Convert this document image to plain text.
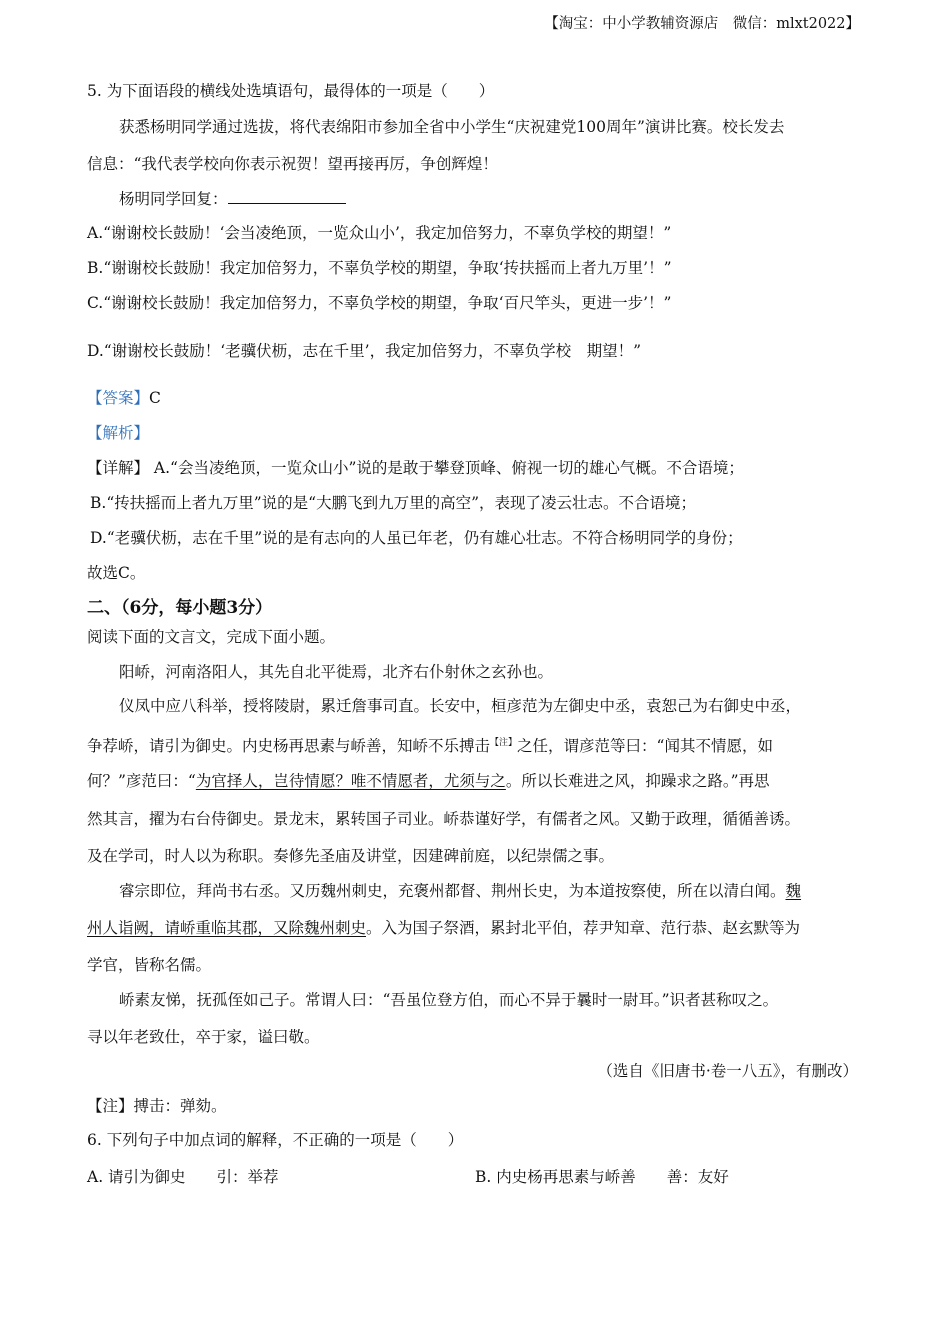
【淘宝：中小学教辅资源店　微信：mlxt2022】
5. 为下面语段的横线处选填语句，最得体的一项是（　　）
获悉杨明同学通过选拔，将代表绵阳市参加全省中小学生“庆祝建党100周年”演讲比赛。校长发去
信息：“我代表学校向你表示祝贺！望再接再厉，争创辉煌！
杨明同学回复：
A.“谢谢校长鼓励！‘会当凌绝顶，一览众山小’，我定加倍努力，不辜负学校的期望！”
B.“谢谢校长鼓励！我定加倍努力，不辜负学校的期望，争取‘抟扶摇而上者九万里’！”
C.“谢谢校长鼓励！我定加倍努力，不辜负学校的期望，争取‘百尺竿头，更进一步’！”
D.“谢谢校长鼓励！‘老骥伏枥，志在千里’，我定加倍努力，不辜负学校　期望！”
【答案】C
【解析】
【详解】 A.“会当凌绝顶，一览众山小”说的是敢于攀登顶峰、俯视一切的雄心气概。不合语境；
B.“抟扶摇而上者九万里”说的是“大鹏飞到九万里的高空”，表现了凌云壮志。不合语境；
D.“老骥伏枥，志在千里”说的是有志向的人虽已年老，仍有雄心壮志。不符合杨明同学的身份；
故选C。
二、（6分，每小题3分）
阅读下面的文言文，完成下面小题。
阳峤，河南洛阳人，其先自北平徙焉，北齐右仆射休之玄孙也。
仪凤中应八科举，授将陵尉，累迁詹事司直。长安中，桓彦范为左御史中丞，袁恕己为右御史中丞，
争荐峤，请引为御史。内史杨再思素与峤善，知峤不乐搏击$^{【注】}$之任，谓彦范等曰：“闻其不情愿，如
何？”彦范曰：“为官择人，岂待情愿？唯不情愿者，尤须与之。所以长难进之风，抑躁求之路。”再思
然其言，擢为右台侍御史。景龙末，累转国子司业。峤恭谨好学，有儒者之风。又勤于政理，循循善诱。
及在学司，时人以为称职。奏修先圣庙及讲堂，因建碑前庭，以纪崇儒之事。
睿宗即位，拜尚书右丞。又历魏州刺史，充褒州都督、荆州长史，为本道按察使，所在以清白闻。魏
州人诣阙，请峤重临其郡，又除魏州刺史。入为国子祭酒，累封北平伯，荐尹知章、范行恭、赵玄默等为
学官，皆称名儒。
峤素友悌，抚孤侄如己子。常谓人曰：“吾虽位登方伯，而心不异于曩时一尉耳。”识者甚称叹之。
寻以年老致仕，卒于家，谥曰敬。
（选自《旧唐书·卷一八五》，有删改）
【注】搏击：弹劾。
6. 下列句子中加点词的解释，不正确的一项是（　　）
A. 请引为御史　　引：举荐	B. 内史杨再思素与峤善　　善：友好
